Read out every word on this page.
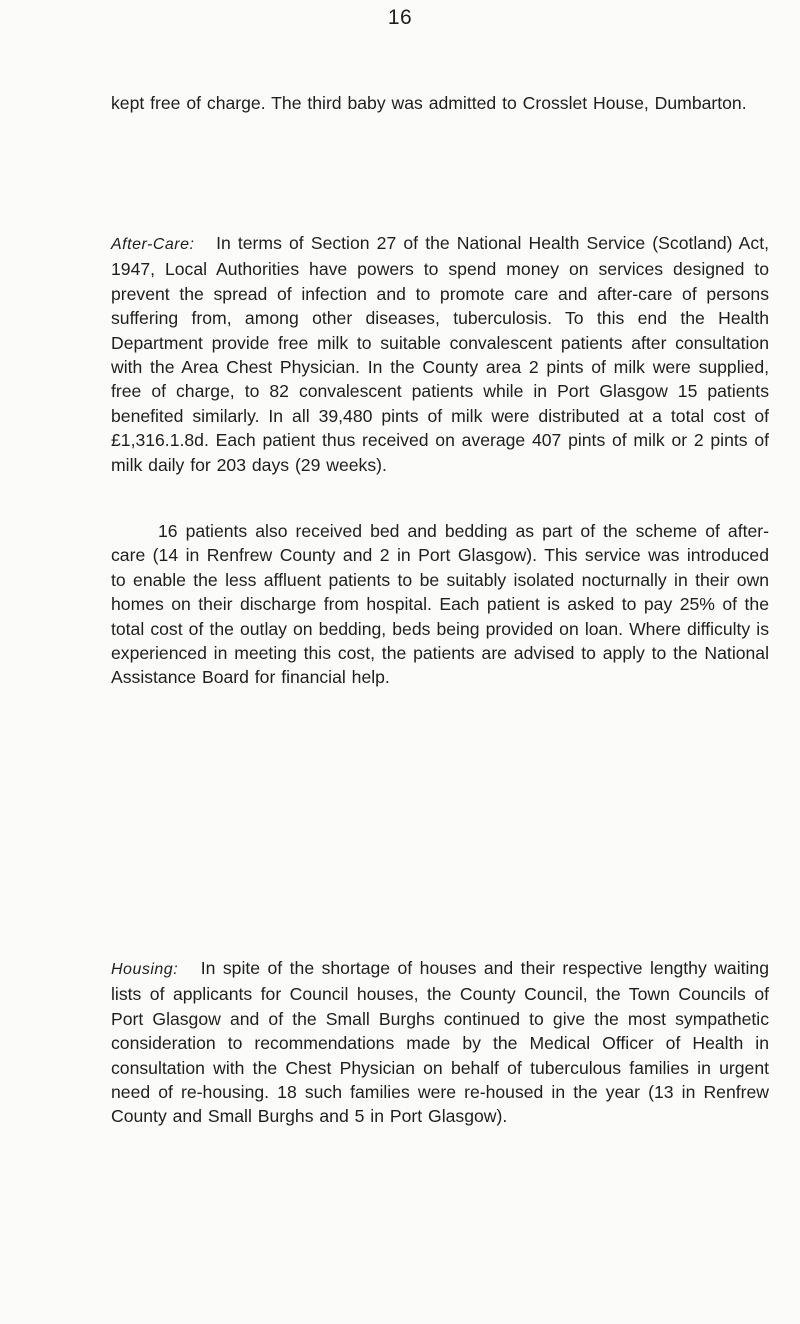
16

kept free of charge. The third baby was admitted to Crosslet House, Dumbarton.

After-Care: In terms of Section 27 of the National Health Service (Scotland) Act, 1947, Local Authorities have powers to spend money on services designed to prevent the spread of infection and to promote care and after-care of persons suffering from, among other diseases, tuberculosis. To this end the Health Department provide free milk to suitable convalescent patients after consultation with the Area Chest Physician. In the County area 2 pints of milk were supplied, free of charge, to 82 convalescent patients while in Port Glasgow 15 patients benefited similarly. In all 39,480 pints of milk were distributed at a total cost of £1,316.1.8d. Each patient thus received on average 407 pints of milk or 2 pints of milk daily for 203 days (29 weeks).

16 patients also received bed and bedding as part of the scheme of after-care (14 in Renfrew County and 2 in Port Glasgow). This service was introduced to enable the less affluent patients to be suitably isolated nocturnally in their own homes on their discharge from hospital. Each patient is asked to pay 25% of the total cost of the outlay on bedding, beds being provided on loan. Where difficulty is experienced in meeting this cost, the patients are advised to apply to the National Assistance Board for financial help.

Housing: In spite of the shortage of houses and their respective lengthy waiting lists of applicants for Council houses, the County Council, the Town Councils of Port Glasgow and of the Small Burghs continued to give the most sympathetic consideration to recommendations made by the Medical Officer of Health in consultation with the Chest Physician on behalf of tuberculous families in urgent need of re-housing. 18 such families were re-housed in the year (13 in Renfrew County and Small Burghs and 5 in Port Glasgow).
